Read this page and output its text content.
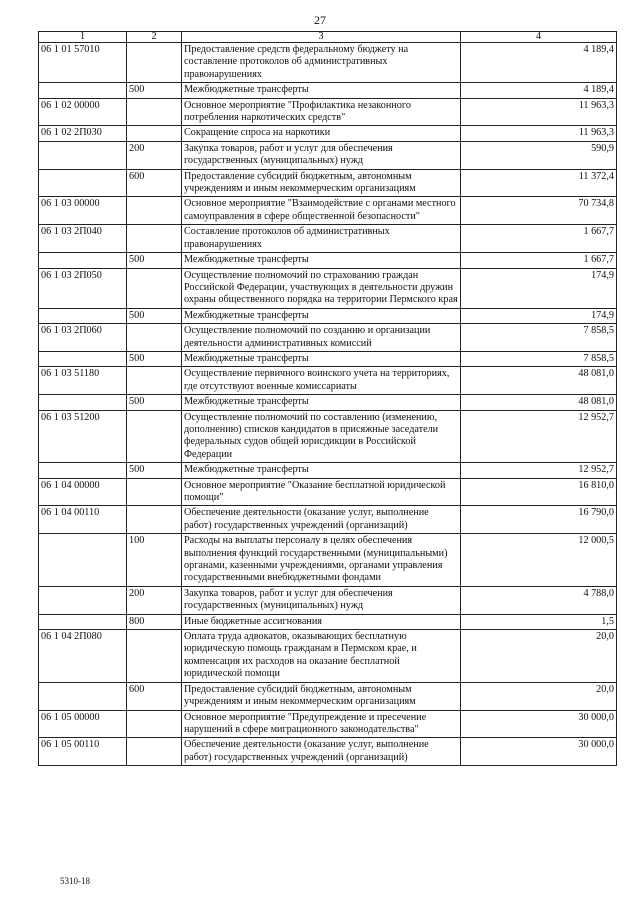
27
1	2	3	4
06 1 01 57010		Предоставление средств федеральному бюджету на составление протоколов об административных правонарушениях	4 189,4
	500	Межбюджетные трансферты	4 189,4
06 1 02 00000		Основное мероприятие "Профилактика незаконного потребления наркотических средств"	11 963,3
06 1 02 2П030		Сокращение спроса на наркотики	11 963,3
	200	Закупка товаров, работ и услуг для обеспечения государственных (муниципальных) нужд	590,9
	600	Предоставление субсидий бюджетным, автономным учреждениям и иным некоммерческим организациям	11 372,4
06 1 03 00000		Основное мероприятие "Взаимодействие с органами местного самоуправления в сфере общественной безопасности"	70 734,8
06 1 03 2П040		Составление протоколов об административных правонарушениях	1 667,7
	500	Межбюджетные трансферты	1 667,7
06 1 03 2П050		Осуществление полномочий по страхованию граждан Российской Федерации, участвующих в деятельности дружин охраны общественного порядка на территории Пермского края	174,9
	500	Межбюджетные трансферты	174,9
06 1 03 2П060		Осуществление полномочий по созданию и организации деятельности административных комиссий	7 858,5
	500	Межбюджетные трансферты	7 858,5
06 1 03 51180		Осуществление первичного воинского учета на территориях, где отсутствуют военные комиссариаты	48 081,0
	500	Межбюджетные трансферты	48 081,0
06 1 03 51200		Осуществление полномочий по составлению (изменению, дополнению) списков кандидатов в присяжные заседатели федеральных судов общей юрисдикции в Российской Федерации	12 952,7
	500	Межбюджетные трансферты	12 952,7
06 1 04 00000		Основное мероприятие "Оказание бесплатной юридической помощи"	16 810,0
06 1 04 00110		Обеспечение деятельности (оказание услуг, выполнение работ) государственных учреждений (организаций)	16 790,0
	100	Расходы на выплаты персоналу в целях обеспечения выполнения функций государственными (муниципальными) органами, казенными учреждениями, органами управления государственными внебюджетными фондами	12 000,5
	200	Закупка товаров, работ и услуг для обеспечения государственных (муниципальных) нужд	4 788,0
	800	Иные бюджетные ассигнования	1,5
06 1 04 2П080		Оплата труда адвокатов, оказывающих бесплатную юридическую помощь гражданам в Пермском крае, и компенсация их расходов на оказание бесплатной юридической помощи	20,0
	600	Предоставление субсидий бюджетным, автономным учреждениям и иным некоммерческим организациям	20,0
06 1 05 00000		Основное мероприятие "Предупреждение и пресечение нарушений в сфере миграционного законодательства"	30 000,0
06 1 05 00110		Обеспечение деятельности (оказание услуг, выполнение работ) государственных учреждений (организаций)	30 000,0
5310-18
